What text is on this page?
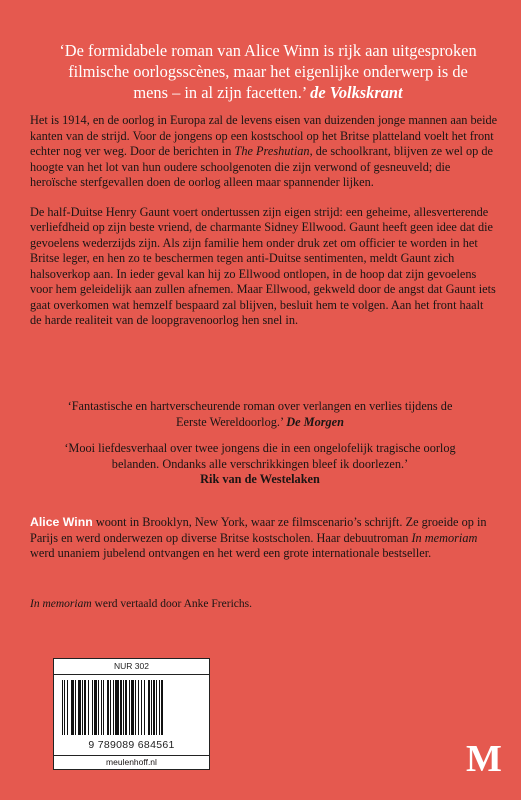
‘De formidabele roman van Alice Winn is rijk aan uitgesproken filmische oorlogsscènes, maar het eigenlijke onderwerp is de mens – in al zijn facetten.’ de Volkskrant

Het is 1914, en de oorlog in Europa zal de levens eisen van duizenden jonge mannen aan beide kanten van de strijd. Voor de jongens op een kostschool op het Britse platteland voelt het front echter nog ver weg. Door de berichten in The Preshutian, de schoolkrant, blijven ze wel op de hoogte van het lot van hun oudere schoolgenoten die zijn verwond of gesneuveld; die heroïsche sterfgevallen doen de oorlog alleen maar spannender lijken.

De half-Duitse Henry Gaunt voert ondertussen zijn eigen strijd: een geheime, allesverterende verliefdheid op zijn beste vriend, de charmante Sidney Ellwood. Gaunt heeft geen idee dat die gevoelens wederzijds zijn. Als zijn familie hem onder druk zet om officier te worden in het Britse leger, en hen zo te beschermen tegen anti-Duitse sentimenten, meldt Gaunt zich halsoverkop aan. In ieder geval kan hij zo Ellwood ontlopen, in de hoop dat zijn gevoelens voor hem geleidelijk aan zullen afnemen. Maar Ellwood, gekweld door de angst dat Gaunt iets gaat overkomen wat hemzelf bespaard zal blijven, besluit hem te volgen. Aan het front haalt de harde realiteit van de loopgravenoorlog hen snel in.

‘Fantastische en hartverscheurende roman over verlangen en verlies tijdens de Eerste Wereldoorlog.’ De Morgen
‘Mooi liefdesverhaal over twee jongens die in een ongelofelijk tragische oorlog belanden. Ondanks alle verschrikkingen bleef ik doorlezen.’
Rik van de Westelaken
Alice Winn woont in Brooklyn, New York, waar ze filmscenario’s schrijft. Ze groeide op in Parijs en werd onderwezen op diverse Britse kostscholen. Haar debuutroman In memoriam werd unaniem jubelend ontvangen en het werd een grote internationale bestseller.
In memoriam werd vertaald door Anke Frerichs.
NUR 302
9 789089 684561
meulenhoff.nl	M
